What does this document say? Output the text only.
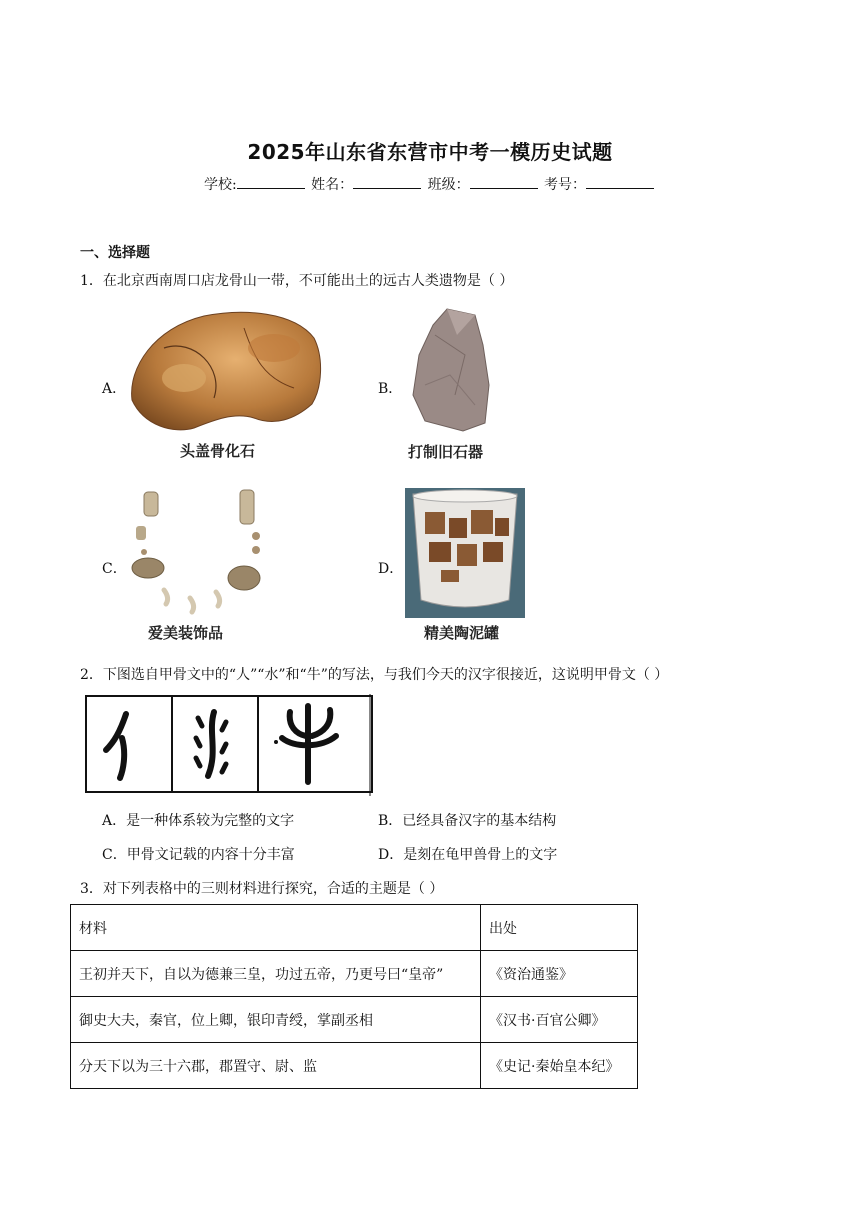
2025年山东省东营市中考一模历史试题
学校:	姓名：	班级：	考号：
一、选择题
1．在北京西南周口店龙骨山一带，不可能出土的远古人类遗物是（ ）
A．
头盖骨化石
B．
打制旧石器
C．
爱美装饰品
D．
精美陶泥罐
2．下图选自甲骨文中的“人”“水”和“牛”的写法，与我们今天的汉字很接近，这说明甲骨文（ ）
A．是一种体系较为完整的文字	B．已经具备汉字的基本结构
C．甲骨文记载的内容十分丰富	D．是刻在龟甲兽骨上的文字
3．对下列表格中的三则材料进行探究，合适的主题是（ ）
材料	出处
王初并天下，自以为德兼三皇，功过五帝，乃更号曰“皇帝”	《资治通鉴》
御史大夫，秦官，位上卿，银印青绶，掌副丞相	《汉书·百官公卿》
分天下以为三十六郡，郡置守、尉、监	《史记·秦始皇本纪》
